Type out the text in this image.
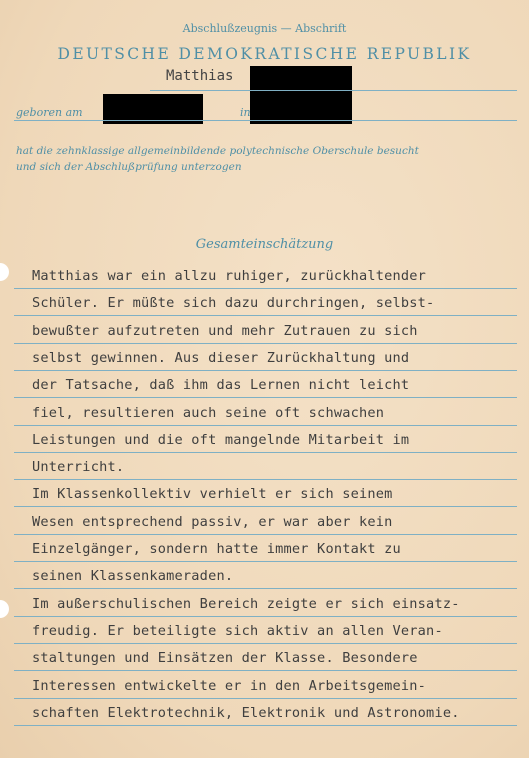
Abschlußzeugnis — Abschrift
DEUTSCHE DEMOKRATISCHE REPUBLIK
Matthias
geboren am	in
hat die zehnklassige allgemeinbildende polytechnische Oberschule besucht
und sich der Abschlußprüfung unterzogen
Gesamteinschätzung
Matthias war ein allzu ruhiger, zurückhaltender
Schüler. Er müßte sich dazu durchringen, selbst-
bewußter aufzutreten und mehr Zutrauen zu sich
selbst gewinnen. Aus dieser Zurückhaltung und
der Tatsache, daß ihm das Lernen nicht leicht
fiel, resultieren auch seine oft schwachen
Leistungen und die oft mangelnde Mitarbeit im
Unterricht.
Im Klassenkollektiv verhielt er sich seinem
Wesen entsprechend passiv, er war aber kein
Einzelgänger, sondern hatte immer Kontakt zu
seinen Klassenkameraden.
Im außerschulischen Bereich zeigte er sich einsatz-
freudig. Er beteiligte sich aktiv an allen Veran-
staltungen und Einsätzen der Klasse. Besondere
Interessen entwickelte er in den Arbeitsgemein-
schaften Elektrotechnik, Elektronik und Astronomie.
